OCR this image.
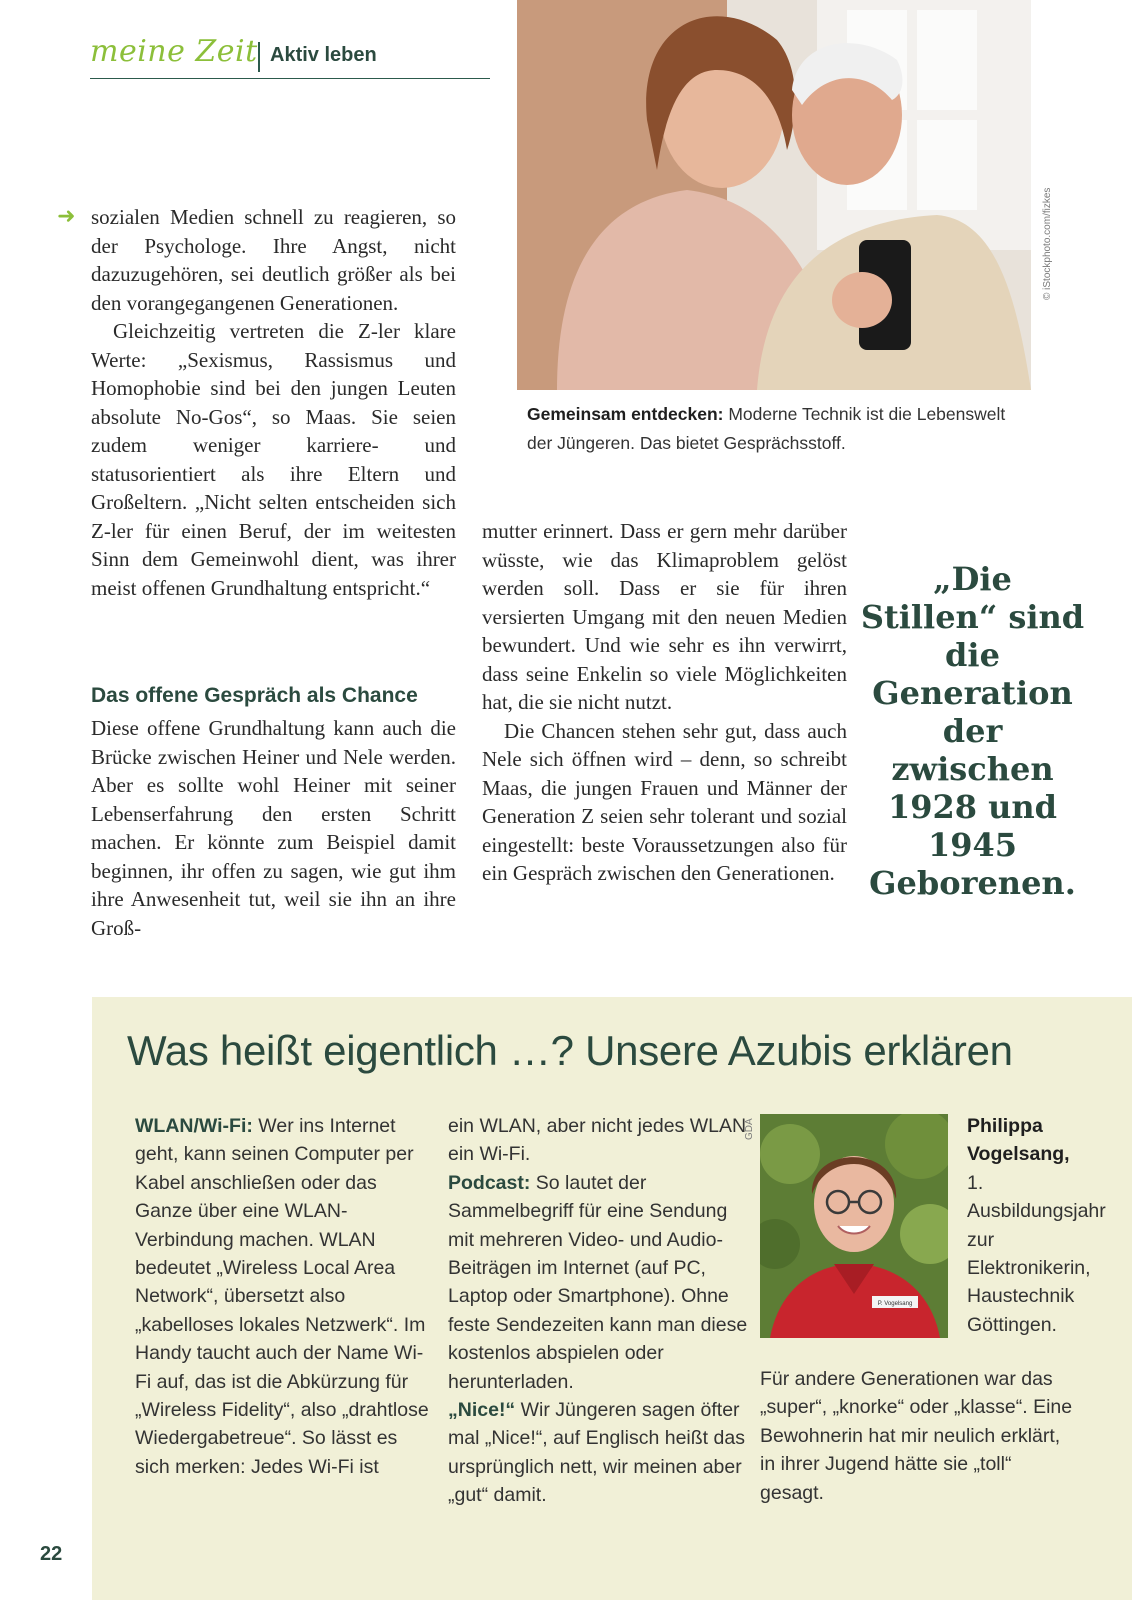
meine Zeit Aktiv leben
© iStockphoto.com/fizkes
Gemeinsam entdecken: Moderne Technik ist die Lebenswelt der Jüngeren. Das bietet Gesprächsstoff.
➜ sozialen Medien schnell zu reagieren, so der Psychologe. Ihre Angst, nicht dazuzugehören, sei deutlich größer als bei den vorangegangenen Generationen.

Gleichzeitig vertreten die Z-ler klare Werte: „Sexismus, Rassismus und Homophobie sind bei den jungen Leuten absolute No-Gos“, so Maas. Sie seien zudem weniger karriere- und statusorientiert als ihre Eltern und Großeltern. „Nicht selten entscheiden sich Z-ler für einen Beruf, der im weitesten Sinn dem Gemeinwohl dient, was ihrer meist offenen Grundhaltung entspricht.“

Das offene Gespräch als Chance

Diese offene Grundhaltung kann auch die Brücke zwischen Heiner und Nele werden. Aber es sollte wohl Heiner mit seiner Lebenserfahrung den ersten Schritt machen. Er könnte zum Beispiel damit beginnen, ihr offen zu sagen, wie gut ihm ihre Anwesenheit tut, weil sie ihn an ihre Groß-

mutter erinnert. Dass er gern mehr darüber wüsste, wie das Klimaproblem gelöst werden soll. Dass er sie für ihren versierten Umgang mit den neuen Medien bewundert. Und wie sehr es ihn verwirrt, dass seine Enkelin so viele Möglichkeiten hat, die sie nicht nutzt.

Die Chancen stehen sehr gut, dass auch Nele sich öffnen wird – denn, so schreibt Maas, die jungen Frauen und Männer der Generation Z seien sehr tolerant und sozial eingestellt: beste Voraussetzungen also für ein Gespräch zwischen den Generationen.

„Die Stillen“ sind die Generation der zwischen 1928 und 1945 Geborenen.
Was heißt eigentlich …? Unsere Azubis erklären

WLAN/Wi-Fi: Wer ins Internet geht, kann seinen Computer per Kabel anschließen oder das Ganze über eine WLAN-Verbindung machen. WLAN bedeutet „Wireless Local Area Network“, übersetzt also „kabelloses lokales Netzwerk“. Im Handy taucht auch der Name Wi-Fi auf, das ist die Abkürzung für „Wireless Fidelity“, also „drahtlose Wiedergabetreue“. So lässt es sich merken: Jedes Wi-Fi ist

ein WLAN, aber nicht jedes WLAN ein Wi-Fi.

Podcast: So lautet der Sammelbegriff für eine Sendung mit mehreren Video- und Audio-Beiträgen im Internet (auf PC, Laptop oder Smartphone). Ohne feste Sendezeiten kann man diese kostenlos abspielen oder herunterladen.

„Nice!“ Wir Jüngeren sagen öfter mal „Nice!“, auf Englisch heißt das ursprünglich nett, wir meinen aber „gut“ damit.

GDA
P. Vogelsang
Philippa Vogelsang,
1. Ausbildungsjahr zur Elektronikerin, Haustechnik Göttingen.

Für andere Generationen war das „super“, „knorke“ oder „klasse“. Eine Bewohnerin hat mir neulich erklärt, in ihrer Jugend hätte sie „toll“ gesagt.

22
